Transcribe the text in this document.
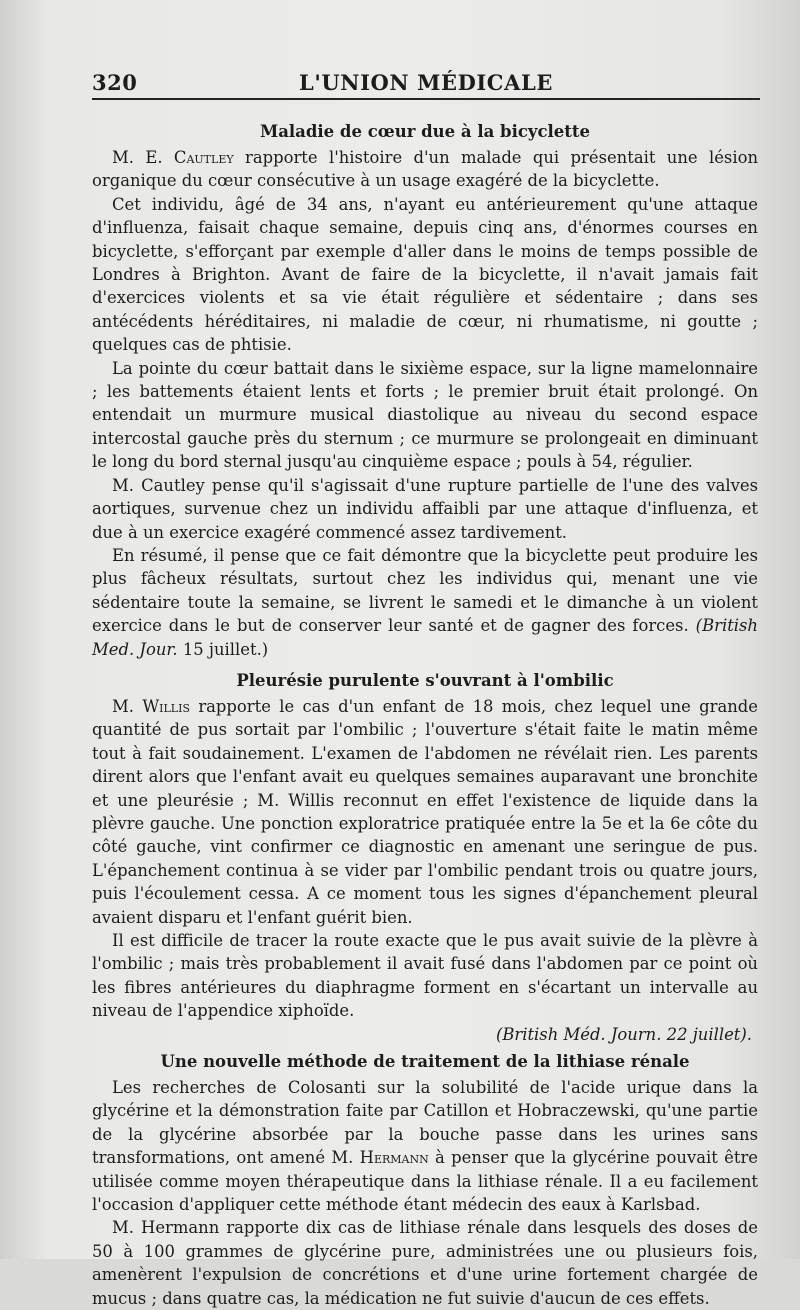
320	L'UNION MÉDICALE
Maladie de cœur due à la bicyclette

M. E. Cautley rapporte l'histoire d'un malade qui présentait une lésion organique du cœur consécutive à un usage exagéré de la bicyclette.

Cet individu, âgé de 34 ans, n'ayant eu antérieurement qu'une attaque d'influenza, faisait chaque semaine, depuis cinq ans, d'énormes courses en bicyclette, s'efforçant par exemple d'aller dans le moins de temps possible de Londres à Brighton. Avant de faire de la bicyclette, il n'avait jamais fait d'exercices violents et sa vie était régulière et sédentaire ; dans ses antécédents héréditaires, ni maladie de cœur, ni rhumatisme, ni goutte ; quelques cas de phtisie.

La pointe du cœur battait dans le sixième espace, sur la ligne mamelonnaire ; les battements étaient lents et forts ; le premier bruit était prolongé. On entendait un murmure musical diastolique au niveau du second espace intercostal gauche près du sternum ; ce murmure se prolongeait en diminuant le long du bord sternal jusqu'au cinquième espace ; pouls à 54, régulier.

M. Cautley pense qu'il s'agissait d'une rupture partielle de l'une des valves aortiques, survenue chez un individu affaibli par une attaque d'influenza, et due à un exercice exagéré commencé assez tardivement.

En résumé, il pense que ce fait démontre que la bicyclette peut produire les plus fâcheux résultats, surtout chez les individus qui, menant une vie sédentaire toute la semaine, se livrent le samedi et le dimanche à un violent exercice dans le but de conserver leur santé et de gagner des forces. (British Med. Jour. 15 juillet.)

Pleurésie purulente s'ouvrant à l'ombilic

M. Willis rapporte le cas d'un enfant de 18 mois, chez lequel une grande quantité de pus sortait par l'ombilic ; l'ouverture s'était faite le matin même tout à fait soudainement. L'examen de l'abdomen ne révélait rien. Les parents dirent alors que l'enfant avait eu quelques semaines auparavant une bronchite et une pleurésie ; M. Willis reconnut en effet l'existence de liquide dans la plèvre gauche. Une ponction exploratrice pratiquée entre la 5e et la 6e côte du côté gauche, vint confirmer ce diagnostic en amenant une seringue de pus. L'épanchement continua à se vider par l'ombilic pendant trois ou quatre jours, puis l'écoulement cessa. A ce moment tous les signes d'épanchement pleural avaient disparu et l'enfant guérit bien.

Il est difficile de tracer la route exacte que le pus avait suivie de la plèvre à l'ombilic ; mais très probablement il avait fusé dans l'abdomen par ce point où les fibres antérieures du diaphragme forment en s'écartant un intervalle au niveau de l'appendice xiphoïde.

(British Méd. Journ. 22 juillet).

Une nouvelle méthode de traitement de la lithiase rénale

Les recherches de Colosanti sur la solubilité de l'acide urique dans la glycérine et la démonstration faite par Catillon et Hobraczewski, qu'une partie de la glycérine absorbée par la bouche passe dans les urines sans transformations, ont amené M. Hermann à penser que la glycérine pouvait être utilisée comme moyen thérapeutique dans la lithiase rénale. Il a eu facilement l'occasion d'appliquer cette méthode étant médecin des eaux à Karlsbad.

M. Hermann rapporte dix cas de lithiase rénale dans lesquels des doses de 50 à 100 grammes de glycérine pure, administrées une ou plusieurs fois, amenèrent l'expulsion de concrétions et d'une urine fortement chargée de mucus ; dans quatre cas, la médication ne fut suivie d'aucun de ces effets.
